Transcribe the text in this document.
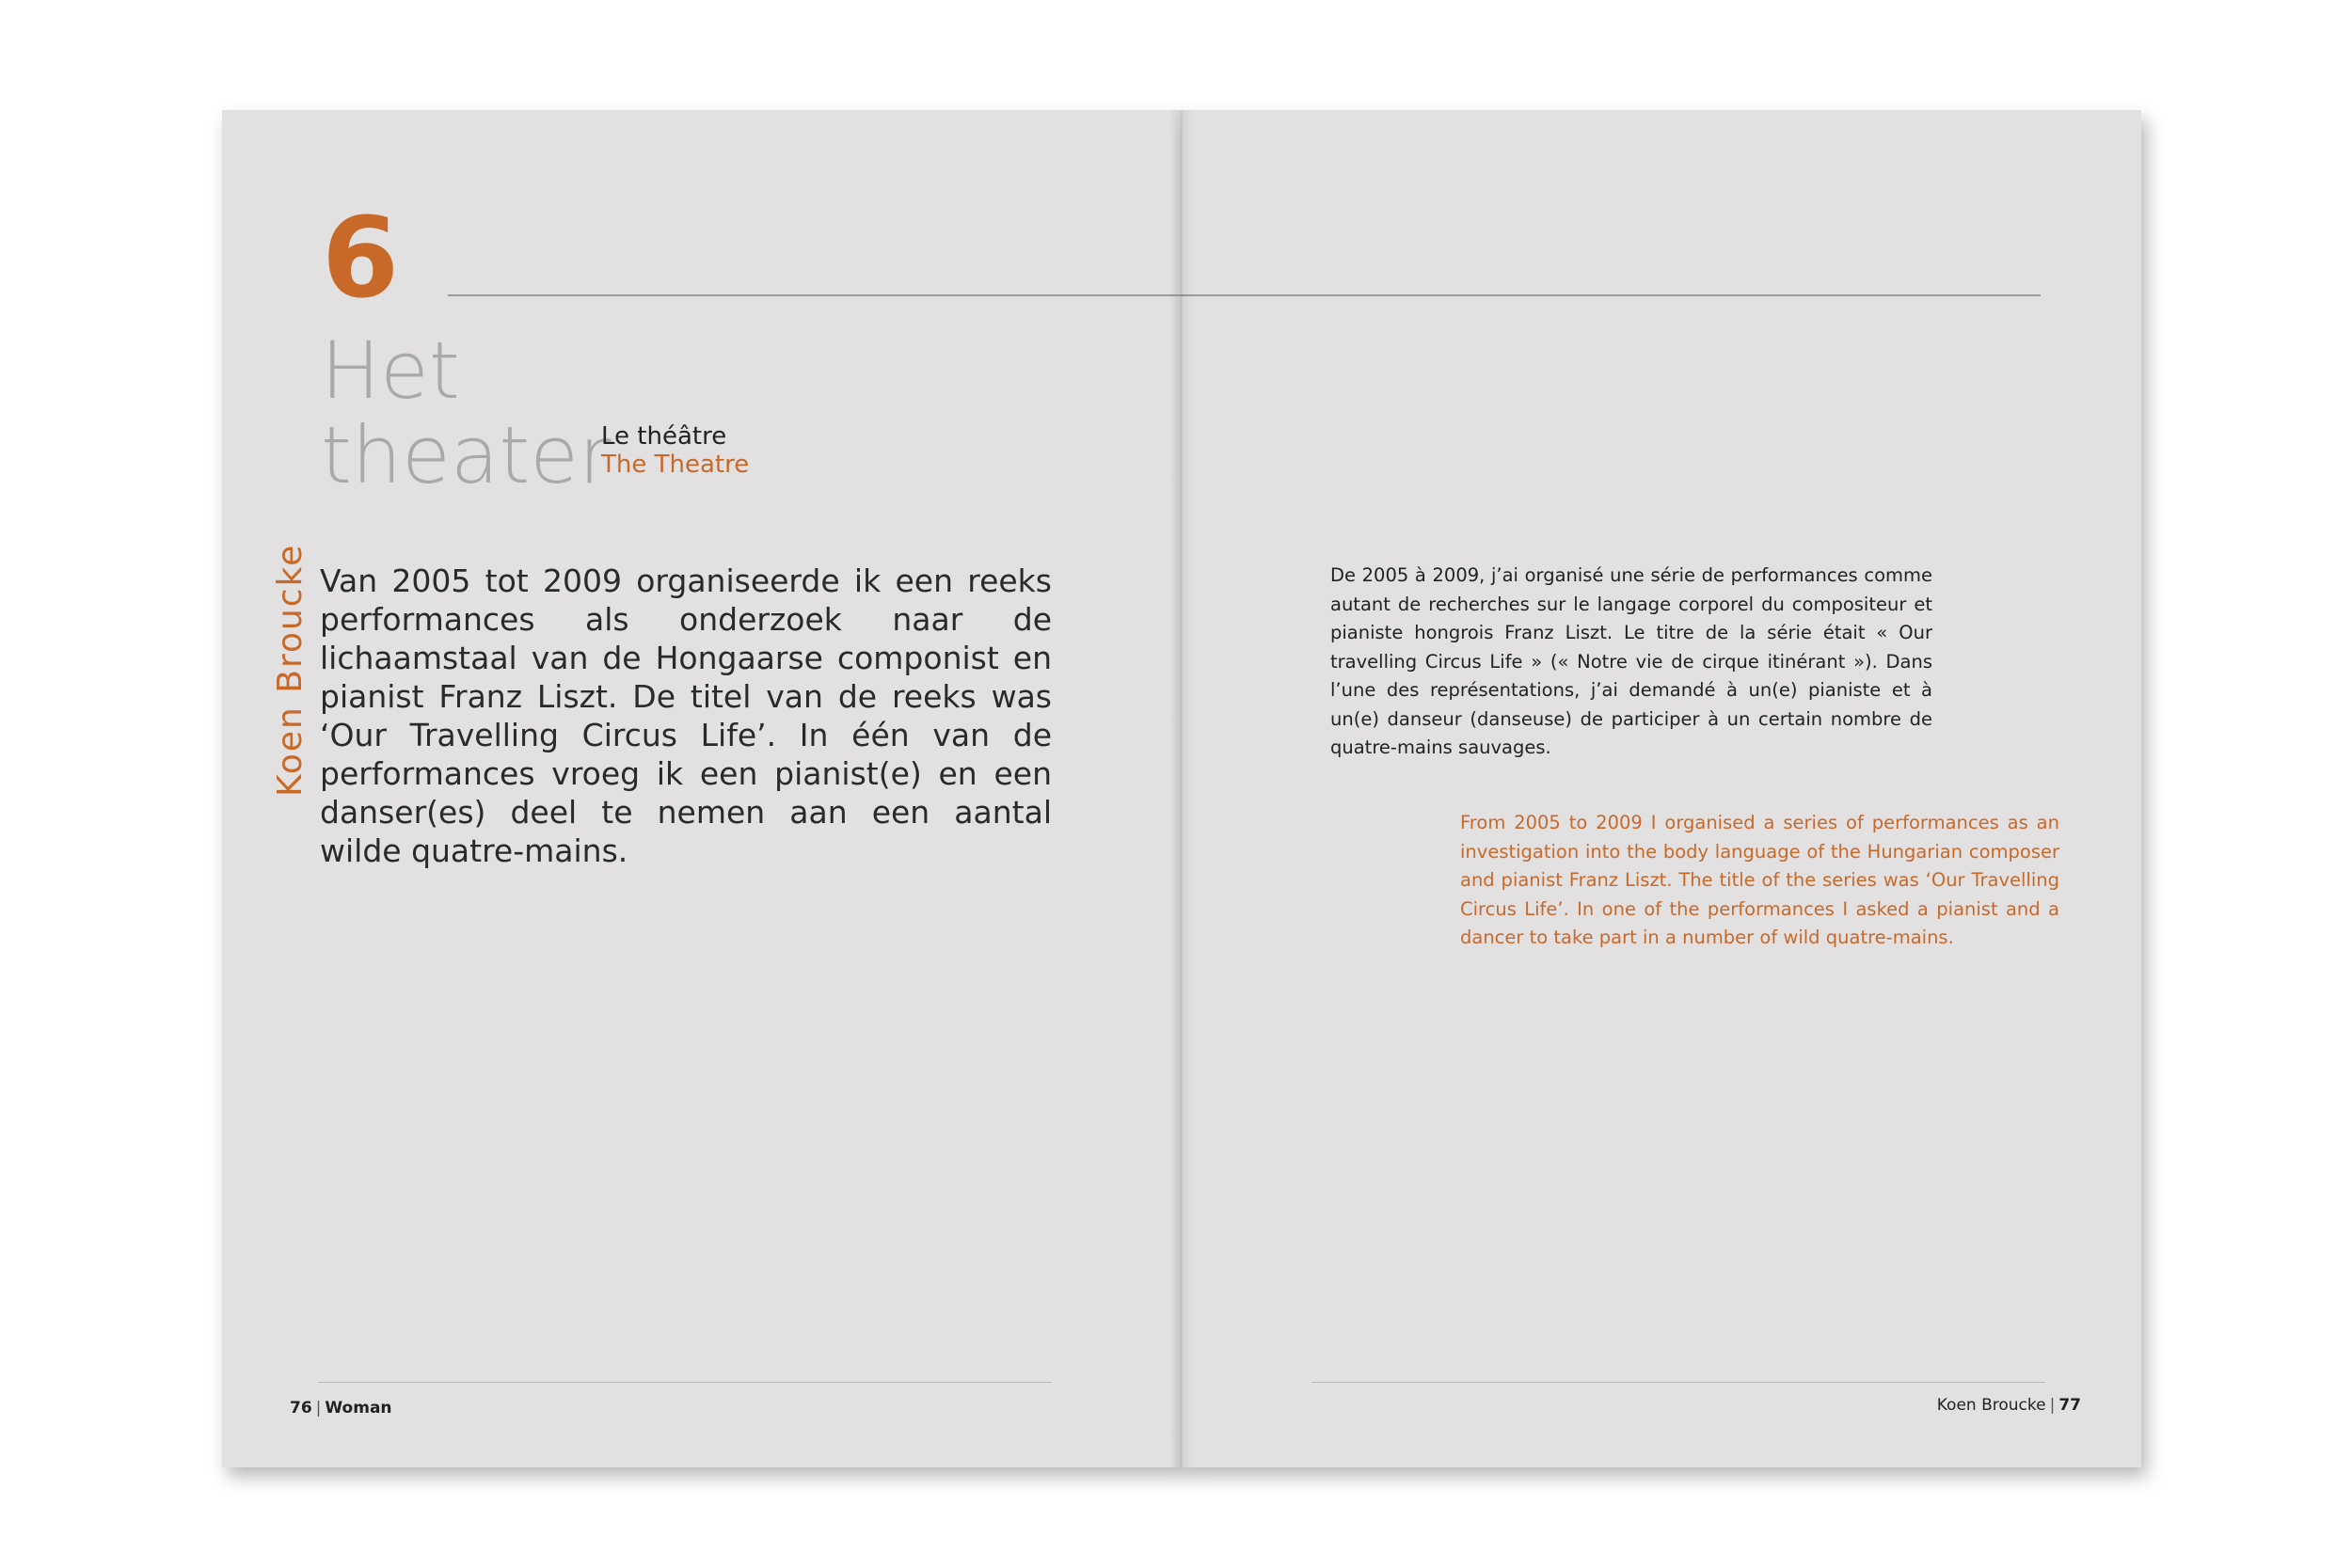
6
Het
theater
Le théâtre
The Theatre
Koen Broucke Van 2005 tot 2009 organiseerde ik een reeks performances als onderzoek naar de lichaamstaal van de Hongaarse componist en pianist Franz Liszt. De titel van de reeks was ‘Our Travelling Circus Life’. In één van de performances vroeg ik een pianist(e) en een danser(es) deel te nemen aan een aantal wilde quatre-mains.

76 | Woman

De 2005 à 2009, j’ai organisé une série de performances comme autant de recherches sur le langage corporel du compositeur et pianiste hongrois Franz Liszt. Le titre de la série était « Our travelling Circus Life » (« Notre vie de cirque itinérant »). Dans l’une des représentations, j’ai demandé à un(e) pianiste et à un(e) danseur (danseuse) de participer à un certain nombre de quatre-mains sauvages.

From 2005 to 2009 I organised a series of performances as an investigation into the body language of the Hungarian composer and pianist Franz Liszt. The title of the series was ‘Our Travelling Circus Life’. In one of the performances I asked a pianist and a dancer to take part in a number of wild quatre-mains.

Koen Broucke | 77
